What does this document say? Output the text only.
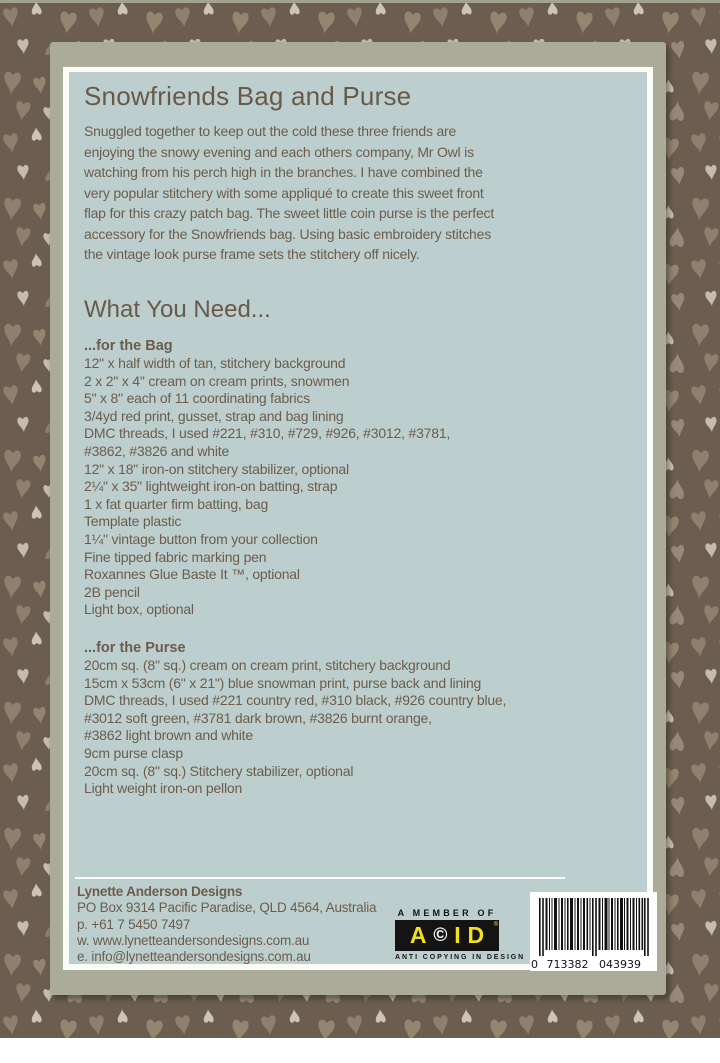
Snowfriends Bag and Purse
Snuggled together to keep out the cold these three friends are
enjoying the snowy evening and each others company, Mr Owl is
watching from his perch high in the branches. I have combined the
very popular stitchery with some appliqué to create this sweet front
flap for this crazy patch bag. The sweet little coin purse is the perfect
accessory for the Snowfriends bag. Using basic embroidery stitches
the vintage look purse frame sets the stitchery off nicely.
What You Need...
...for the Bag
12" x half width of tan, stitchery background
2 x 2" x 4" cream on cream prints, snowmen
5" x 8" each of 11 coordinating fabrics
3/4yd red print, gusset, strap and bag lining
DMC threads, I used #221, #310, #729, #926, #3012, #3781,
#3862, #3826 and white
12" x 18" iron-on stitchery stabilizer, optional
2¼" x 35" lightweight iron-on batting, strap
1 x fat quarter firm batting, bag
Template plastic
1¼" vintage button from your collection
Fine tipped fabric marking pen
Roxannes Glue Baste It ™, optional
2B pencil
Light box, optional
...for the Purse
20cm sq. (8" sq.) cream on cream print, stitchery background
15cm x 53cm (6" x 21") blue snowman print, purse back and lining
DMC threads, I used #221 country red, #310 black, #926 country blue,
#3012 soft green, #3781 dark brown, #3826 burnt orange,
#3862 light brown and white
9cm purse clasp
20cm sq. (8" sq.) Stitchery stabilizer, optional
Light weight iron-on pellon
Lynette Anderson Designs
PO Box 9314 Pacific Paradise, QLD 4564, Australia
p. +61 7 5450 7497
w. www.lynetteandersondesigns.com.au
e. info@lynetteandersondesigns.com.au
A MEMBER OF
A © I D ®
ANTI COPYING IN DESIGN
0 713382 043939
